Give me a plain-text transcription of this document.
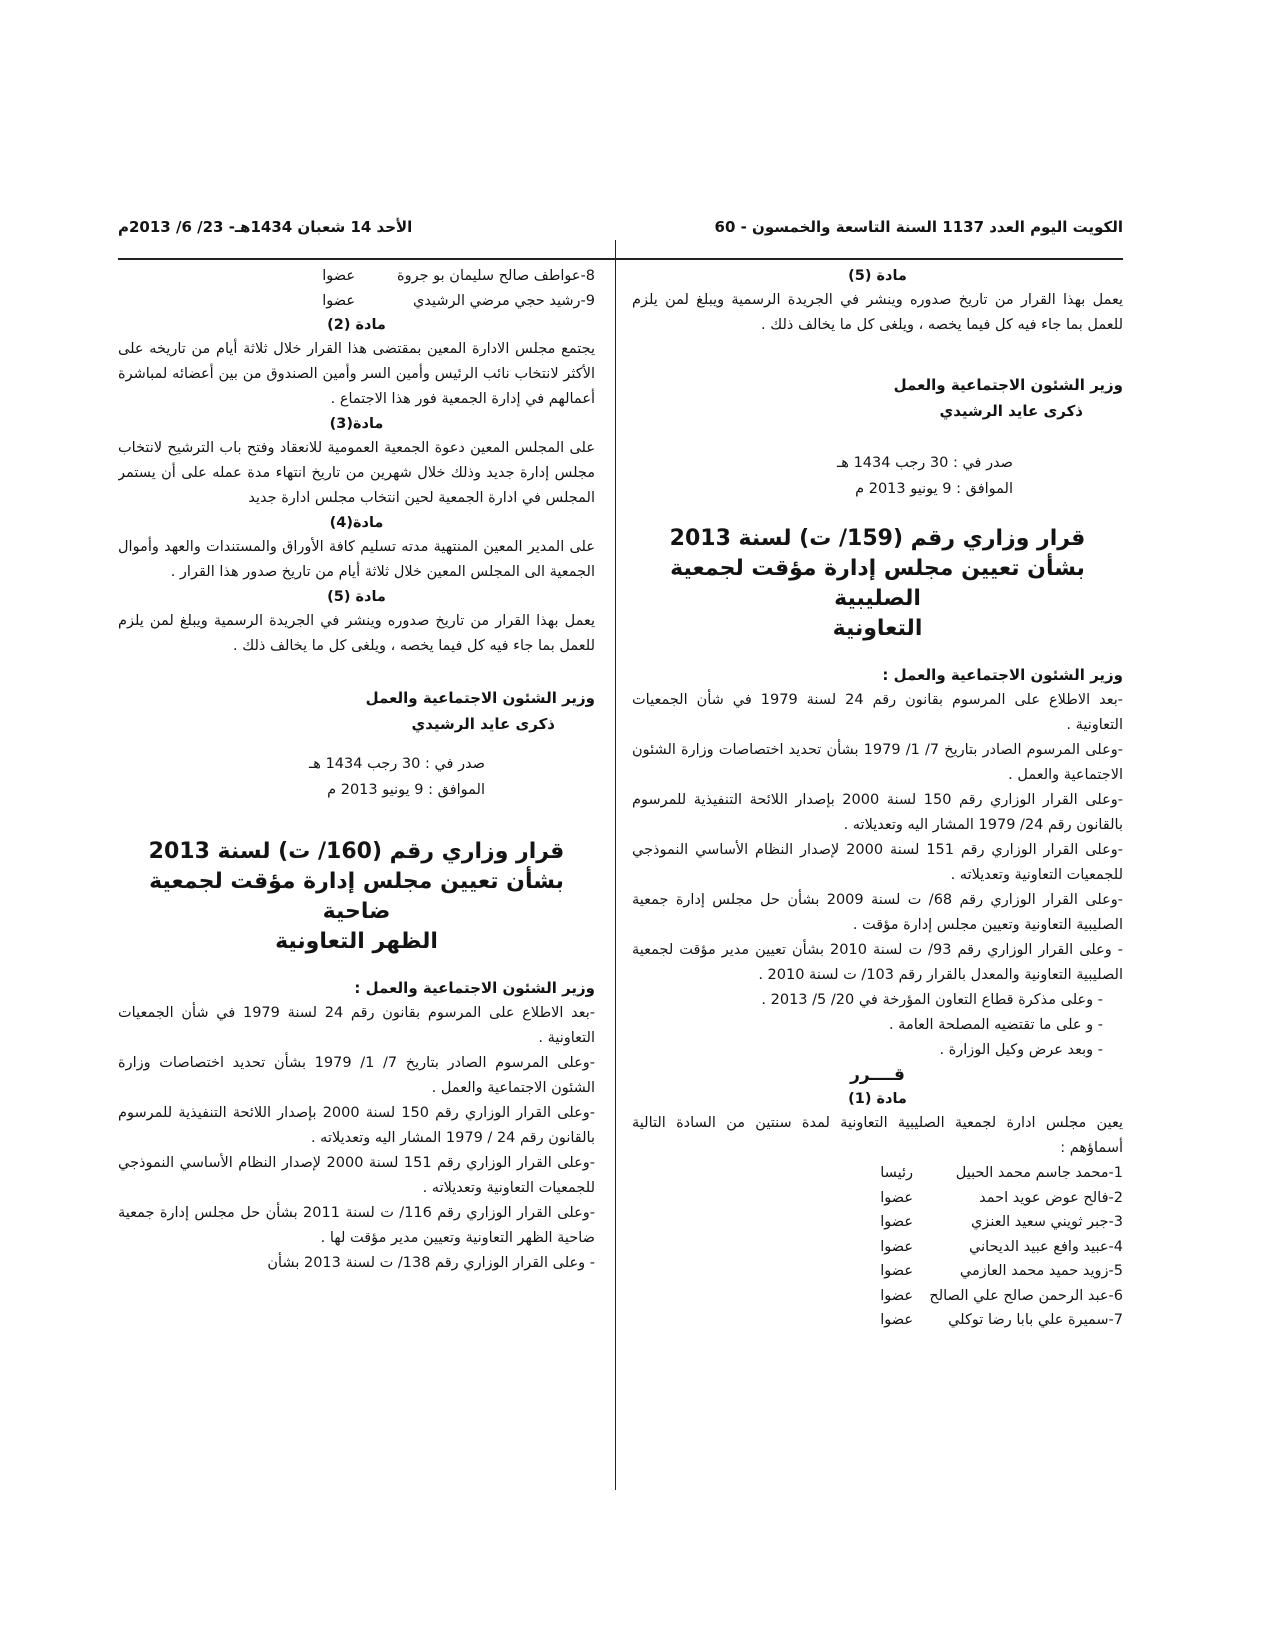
الكويت اليوم العدد 1137 السنة التاسعة والخمسون - 60
الأحد 14 شعبان 1434هـ- 23/ 6/ 2013م

مادة (5)

يعمل بهذا القرار من تاريخ صدوره وينشر في الجريدة الرسمية ويبلغ لمن يلزم للعمل بما جاء فيه كل فيما يخصه ، ويلغى كل ما يخالف ذلك .

وزير الشئون الاجتماعية والعمل

ذكرى عايد الرشيدي

صدر في : 30 رجب 1434 هـ

الموافق : 9 يونيو 2013 م

قرار وزاري رقم (159/ ت) لسنة 2013

بشأن تعيين مجلس إدارة مؤقت لجمعية الصليبية

التعاونية

وزير الشئون الاجتماعية والعمل :

-بعد الاطلاع على المرسوم بقانون رقم 24 لسنة 1979 في شأن الجمعيات التعاونية .

-وعلى المرسوم الصادر بتاريخ 7/ 1/ 1979 بشأن تحديد اختصاصات وزارة الشئون الاجتماعية والعمل .

-وعلى القرار الوزاري رقم 150 لسنة 2000 بإصدار اللائحة التنفيذية للمرسوم بالقانون رقم 24/ 1979 المشار اليه وتعديلاته .

-وعلى القرار الوزاري رقم 151 لسنة 2000 لإصدار النظام الأساسي النموذجي للجمعيات التعاونية وتعديلاته .

-وعلى القرار الوزاري رقم 68/ ت لسنة 2009 بشأن حل مجلس إدارة جمعية الصليبية التعاونية وتعيين مجلس إدارة مؤقت .

- وعلى القرار الوزاري رقم 93/ ت لسنة 2010 بشأن تعيين مدير مؤقت لجمعية الصليبية التعاونية والمعدل بالقرار رقم 103/ ت لسنة 2010 .

- وعلى مذكرة قطاع التعاون المؤرخة في 20/ 5/ 2013 .

- و على ما تقتضيه المصلحة العامة .

- وبعد عرض وكيل الوزارة .

قــــرر

مادة (1)

يعين مجلس ادارة لجمعية الصليبية التعاونية لمدة سنتين من السادة التالية أسماؤهم :

1-محمد جاسم محمد الحبيل
رئيسا
2-فالح عوض عويد احمد
عضوا
3-جبر ثويني سعيد العنزي
عضوا
4-عبيد وافع عبيد الديحاني
عضوا
5-زويد حميد محمد العازمي
عضوا
6-عبد الرحمن صالح علي الصالح
عضوا
7-سميرة علي بابا رضا توكلي
عضوا
8-عواطف صالح سليمان بو جروة
عضوا
9-رشيد حجي مرضي الرشيدي
عضوا

مادة (2)

يجتمع مجلس الادارة المعين بمقتضى هذا القرار خلال ثلاثة أيام من تاريخه على الأكثر لانتخاب نائب الرئيس وأمين السر وأمين الصندوق من بين أعضائه لمباشرة أعمالهم في إدارة الجمعية فور هذا الاجتماع .

مادة(3)

على المجلس المعين دعوة الجمعية العمومية للانعقاد وفتح باب الترشيح لانتخاب مجلس إدارة جديد وذلك خلال شهرين من تاريخ انتهاء مدة عمله على أن يستمر المجلس في ادارة الجمعية لحين انتخاب مجلس ادارة جديد

مادة(4)

على المدير المعين المنتهية مدته تسليم كافة الأوراق والمستندات والعهد وأموال الجمعية الى المجلس المعين خلال ثلاثة أيام من تاريخ صدور هذا القرار .

مادة (5)

يعمل بهذا القرار من تاريخ صدوره وينشر في الجريدة الرسمية ويبلغ لمن يلزم للعمل بما جاء فيه كل فيما يخصه ، ويلغى كل ما يخالف ذلك .

وزير الشئون الاجتماعية والعمل

ذكرى عايد الرشيدي

صدر في : 30 رجب 1434 هـ

الموافق : 9 يونيو 2013 م

قرار وزاري رقم (160/ ت) لسنة 2013

بشأن تعيين مجلس إدارة مؤقت لجمعية ضاحية

الظهر التعاونية

وزير الشئون الاجتماعية والعمل :

-بعد الاطلاع على المرسوم بقانون رقم 24 لسنة 1979 في شأن الجمعيات التعاونية .

-وعلى المرسوم الصادر بتاريخ 7/ 1/ 1979 بشأن تحديد اختصاصات وزارة الشئون الاجتماعية والعمل .

-وعلى القرار الوزاري رقم 150 لسنة 2000 بإصدار اللائحة التنفيذية للمرسوم بالقانون رقم 24 / 1979 المشار اليه وتعديلاته .

-وعلى القرار الوزاري رقم 151 لسنة 2000 لإصدار النظام الأساسي النموذجي للجمعيات التعاونية وتعديلاته .

-وعلى القرار الوزاري رقم 116/ ت لسنة 2011 بشأن حل مجلس إدارة جمعية ضاحية الظهر التعاونية وتعيين مدير مؤقت لها .

- وعلى القرار الوزاري رقم 138/ ت لسنة 2013 بشأن
